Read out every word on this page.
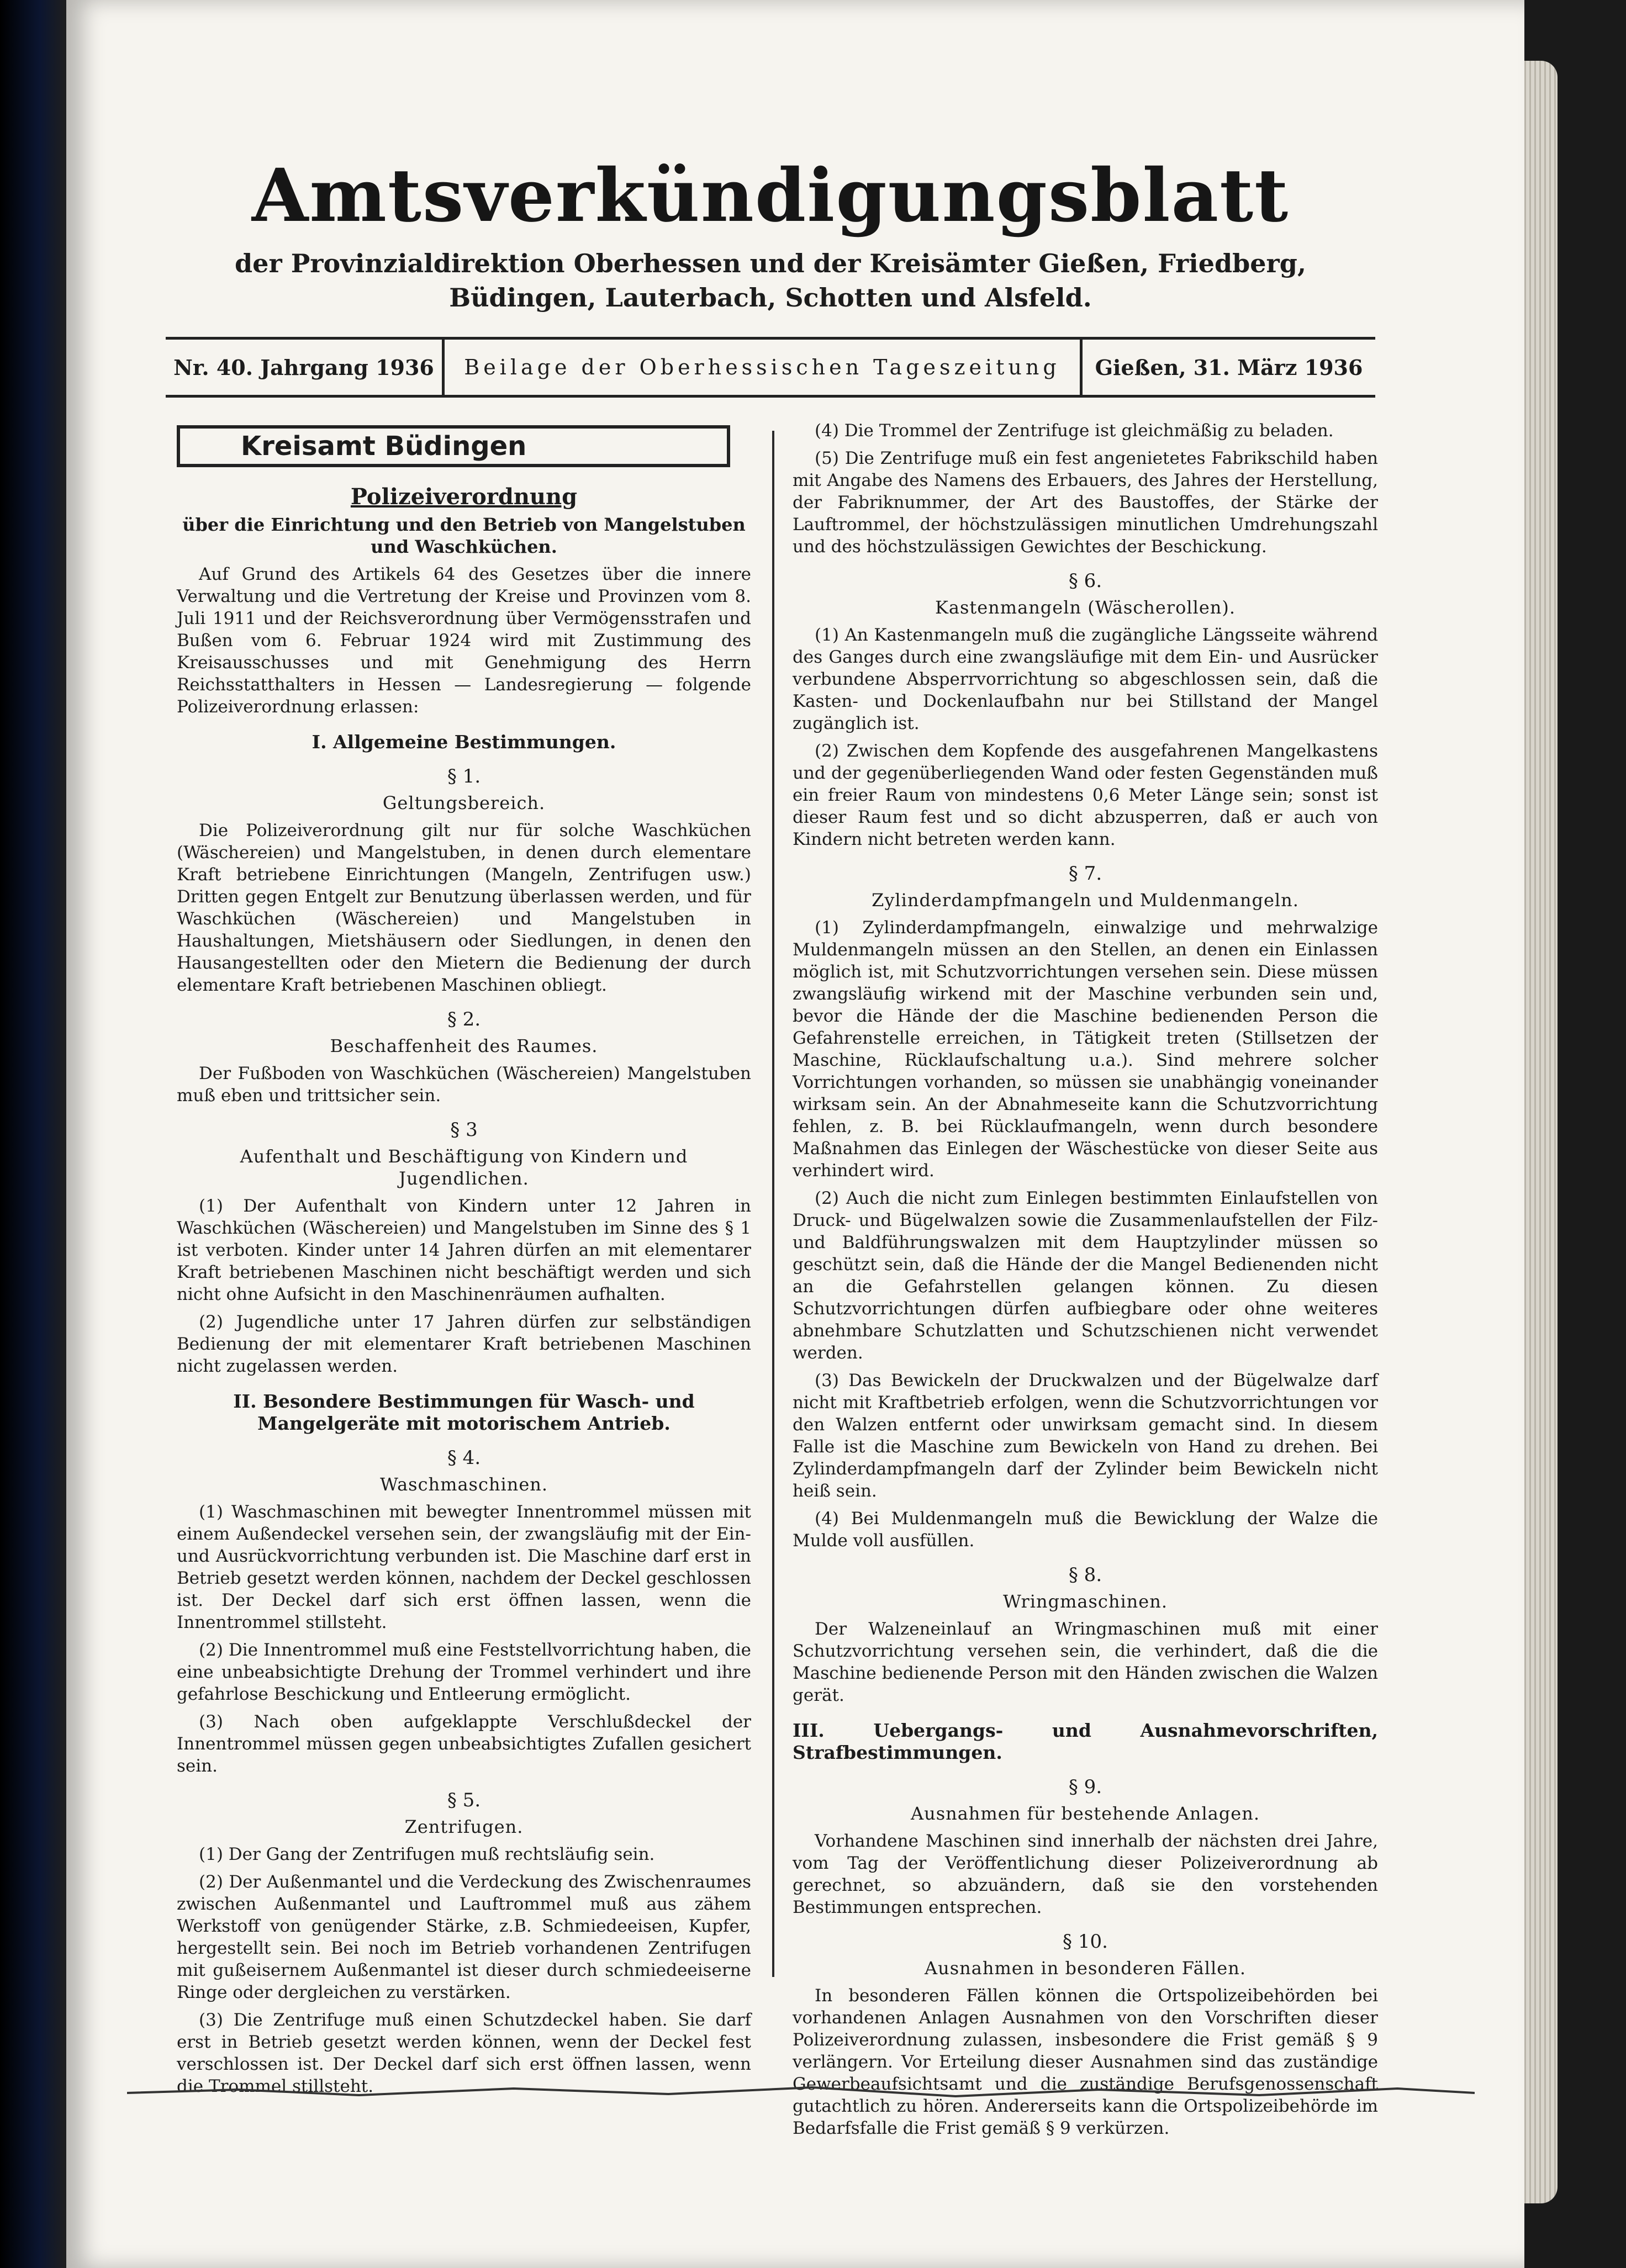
Amtsverkündigungsblatt
der Provinzialdirektion Oberhessen und der Kreisämter Gießen, Friedberg, Büdingen, Lauterbach, Schotten und Alsfeld.
Nr. 40. Jahrgang 1936	Beilage der Oberhessischen Tageszeitung	Gießen, 31. März 1936
Kreisamt Büdingen
Polizeiverordnung
über die Einrichtung und den Betrieb von Mangelstuben und Waschküchen.

Auf Grund des Artikels 64 des Gesetzes über die innere Verwaltung und die Vertretung der Kreise und Provinzen vom 8. Juli 1911 und der Reichsverordnung über Vermögensstrafen und Bußen vom 6. Februar 1924 wird mit Zustimmung des Kreisausschusses und mit Genehmigung des Herrn Reichsstatthalters in Hessen — Landesregierung — folgende Polizeiverordnung erlassen:

I. Allgemeine Bestimmungen.
§ 1.
Geltungsbereich.

Die Polizeiverordnung gilt nur für solche Waschküchen (Wäschereien) und Mangelstuben, in denen durch elementare Kraft betriebene Einrichtungen (Mangeln, Zentrifugen usw.) Dritten gegen Entgelt zur Benutzung überlassen werden, und für Waschküchen (Wäschereien) und Mangelstuben in Haushaltungen, Mietshäusern oder Siedlungen, in denen den Hausangestellten oder den Mietern die Bedienung der durch elementare Kraft betriebenen Maschinen obliegt.

§ 2.
Beschaffenheit des Raumes.

Der Fußboden von Waschküchen (Wäschereien) Mangelstuben muß eben und trittsicher sein.

§ 3
Aufenthalt und Beschäftigung von Kindern und Jugendlichen.

(1) Der Aufenthalt von Kindern unter 12 Jahren in Waschküchen (Wäschereien) und Mangelstuben im Sinne des § 1 ist verboten. Kinder unter 14 Jahren dürfen an mit elementarer Kraft betriebenen Maschinen nicht beschäftigt werden und sich nicht ohne Aufsicht in den Maschinenräumen aufhalten.

(2) Jugendliche unter 17 Jahren dürfen zur selbständigen Bedienung der mit elementarer Kraft betriebenen Maschinen nicht zugelassen werden.

II. Besondere Bestimmungen für Wasch- und Mangelgeräte mit motorischem Antrieb.
§ 4.
Waschmaschinen.

(1) Waschmaschinen mit bewegter Innentrommel müssen mit einem Außendeckel versehen sein, der zwangsläufig mit der Ein- und Ausrückvorrichtung verbunden ist. Die Maschine darf erst in Betrieb gesetzt werden können, nachdem der Deckel geschlossen ist. Der Deckel darf sich erst öffnen lassen, wenn die Innentrommel stillsteht.

(2) Die Innentrommel muß eine Feststellvorrichtung haben, die eine unbeabsichtigte Drehung der Trommel verhindert und ihre gefahrlose Beschickung und Entleerung ermöglicht.

(3) Nach oben aufgeklappte Verschlußdeckel der Innentrommel müssen gegen unbeabsichtigtes Zufallen gesichert sein.

§ 5.
Zentrifugen.

(1) Der Gang der Zentrifugen muß rechtsläufig sein.

(2) Der Außenmantel und die Verdeckung des Zwischenraumes zwischen Außenmantel und Lauftrommel muß aus zähem Werkstoff von genügender Stärke, z.B. Schmiedeeisen, Kupfer, hergestellt sein. Bei noch im Betrieb vorhandenen Zentrifugen mit gußeisernem Außenmantel ist dieser durch schmiedeeiserne Ringe oder dergleichen zu verstärken.

(3) Die Zentrifuge muß einen Schutzdeckel haben. Sie darf erst in Betrieb gesetzt werden können, wenn der Deckel fest verschlossen ist. Der Deckel darf sich erst öffnen lassen, wenn die Trommel stillsteht.

(4) Die Trommel der Zentrifuge ist gleichmäßig zu beladen.

(5) Die Zentrifuge muß ein fest angenietetes Fabrikschild haben mit Angabe des Namens des Erbauers, des Jahres der Herstellung, der Fabriknummer, der Art des Baustoffes, der Stärke der Lauftrommel, der höchstzulässigen minutlichen Umdrehungszahl und des höchstzulässigen Gewichtes der Beschickung.

§ 6.
Kastenmangeln (Wäscherollen).

(1) An Kastenmangeln muß die zugängliche Längsseite während des Ganges durch eine zwangsläufige mit dem Ein- und Ausrücker verbundene Absperrvorrichtung so abgeschlossen sein, daß die Kasten- und Dockenlaufbahn nur bei Stillstand der Mangel zugänglich ist.

(2) Zwischen dem Kopfende des ausgefahrenen Mangelkastens und der gegenüberliegenden Wand oder festen Gegenständen muß ein freier Raum von mindestens 0,6 Meter Länge sein; sonst ist dieser Raum fest und so dicht abzusperren, daß er auch von Kindern nicht betreten werden kann.

§ 7.
Zylinderdampfmangeln und Muldenmangeln.

(1) Zylinderdampfmangeln, einwalzige und mehrwalzige Muldenmangeln müssen an den Stellen, an denen ein Einlassen möglich ist, mit Schutzvorrichtungen versehen sein. Diese müssen zwangsläufig wirkend mit der Maschine verbunden sein und, bevor die Hände der die Maschine bedienenden Person die Gefahrenstelle erreichen, in Tätigkeit treten (Stillsetzen der Maschine, Rücklaufschaltung u.a.). Sind mehrere solcher Vorrichtungen vorhanden, so müssen sie unabhängig voneinander wirksam sein. An der Abnahmeseite kann die Schutzvorrichtung fehlen, z. B. bei Rücklaufmangeln, wenn durch besondere Maßnahmen das Einlegen der Wäschestücke von dieser Seite aus verhindert wird.

(2) Auch die nicht zum Einlegen bestimmten Einlaufstellen von Druck- und Bügelwalzen sowie die Zusammenlaufstellen der Filz- und Baldführungswalzen mit dem Hauptzylinder müssen so geschützt sein, daß die Hände der die Mangel Bedienenden nicht an die Gefahrstellen gelangen können. Zu diesen Schutzvorrichtungen dürfen aufbiegbare oder ohne weiteres abnehmbare Schutzlatten und Schutzschienen nicht verwendet werden.

(3) Das Bewickeln der Druckwalzen und der Bügelwalze darf nicht mit Kraftbetrieb erfolgen, wenn die Schutzvorrichtungen vor den Walzen entfernt oder unwirksam gemacht sind. In diesem Falle ist die Maschine zum Bewickeln von Hand zu drehen. Bei Zylinderdampfmangeln darf der Zylinder beim Bewickeln nicht heiß sein.

(4) Bei Muldenmangeln muß die Bewicklung der Walze die Mulde voll ausfüllen.

§ 8.
Wringmaschinen.

Der Walzeneinlauf an Wringmaschinen muß mit einer Schutzvorrichtung versehen sein, die verhindert, daß die die Maschine bedienende Person mit den Händen zwischen die Walzen gerät.

III. Uebergangs- und Ausnahmevorschriften, Strafbestimmungen.
§ 9.
Ausnahmen für bestehende Anlagen.

Vorhandene Maschinen sind innerhalb der nächsten drei Jahre, vom Tag der Veröffentlichung dieser Polizeiverordnung ab gerechnet, so abzuändern, daß sie den vorstehenden Bestimmungen entsprechen.

§ 10.
Ausnahmen in besonderen Fällen.

In besonderen Fällen können die Ortspolizeibehörden bei vorhandenen Anlagen Ausnahmen von den Vorschriften dieser Polizeiverordnung zulassen, insbesondere die Frist gemäß § 9 verlängern. Vor Erteilung dieser Ausnahmen sind das zuständige Gewerbeaufsichtsamt und die zuständige Berufsgenossenschaft gutachtlich zu hören. Andererseits kann die Ortspolizeibehörde im Bedarfsfalle die Frist gemäß § 9 verkürzen.
